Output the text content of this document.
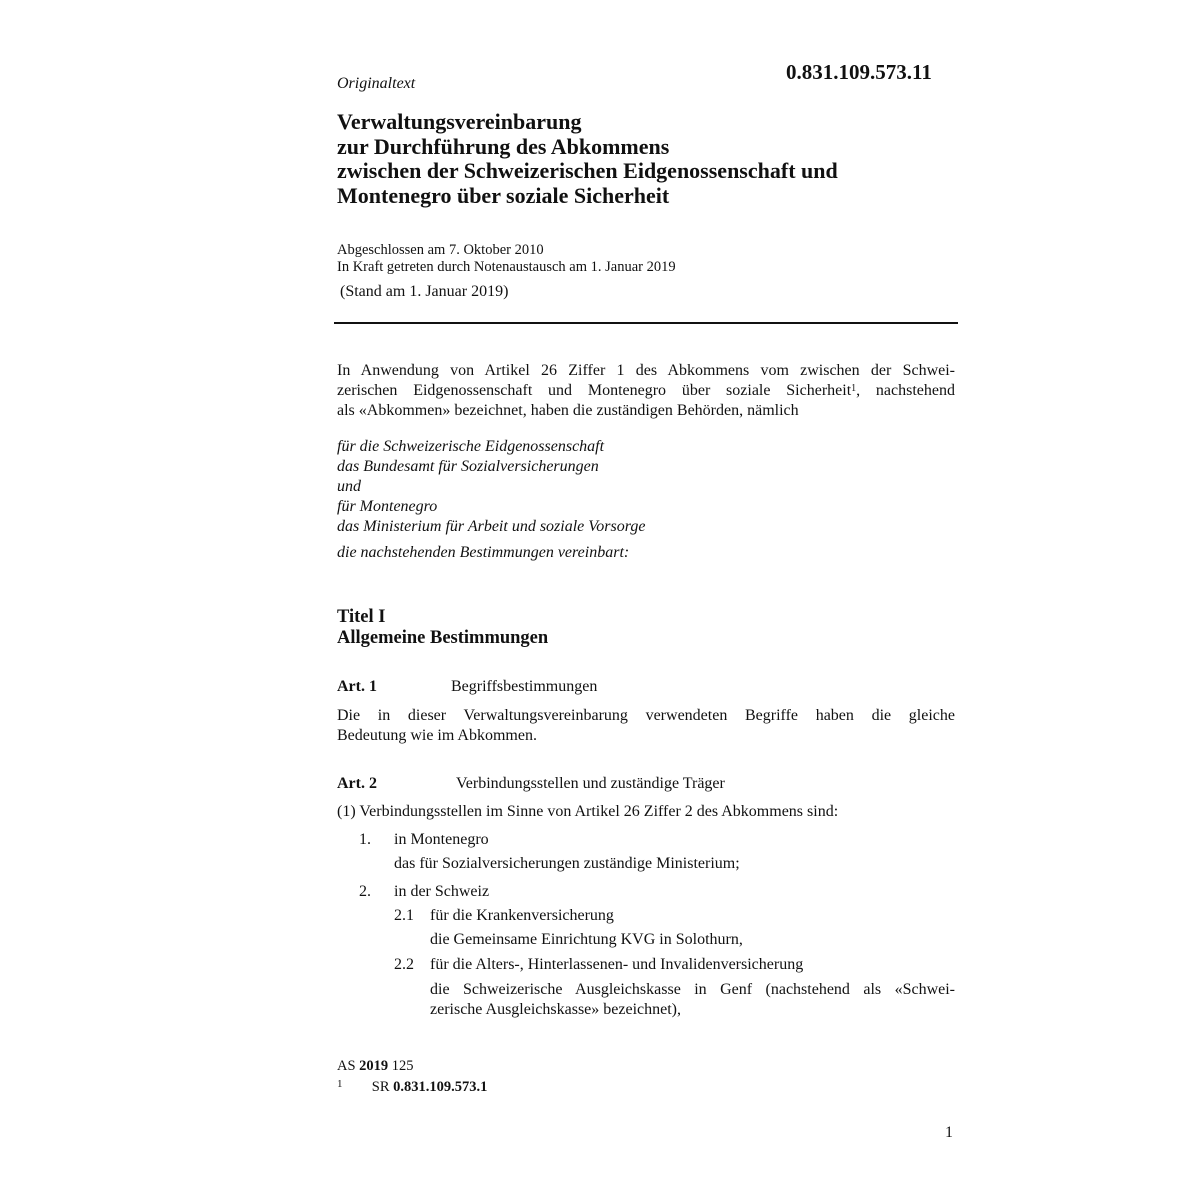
0.831.109.573.11
Originaltext
Verwaltungsvereinbarung
zur Durchführung des Abkommens
zwischen der Schweizerischen Eidgenossenschaft und
Montenegro über soziale Sicherheit
Abgeschlossen am 7. Oktober 2010
In Kraft getreten durch Notenaustausch am 1. Januar 2019
(Stand am 1. Januar 2019)
In Anwendung von Artikel 26 Ziffer 1 des Abkommens vom zwischen der Schwei-
zerischen Eidgenossenschaft und Montenegro über soziale Sicherheit$^1$, nachstehend
als «Abkommen» bezeichnet, haben die zuständigen Behörden, nämlich
für die Schweizerische Eidgenossenschaft
das Bundesamt für Sozialversicherungen
und
für Montenegro
das Ministerium für Arbeit und soziale Vorsorge
die nachstehenden Bestimmungen vereinbart:
Titel I
Allgemeine Bestimmungen
Art. 1	Begriffsbestimmungen
Die in dieser Verwaltungsvereinbarung verwendeten Begriffe haben die gleiche
Bedeutung wie im Abkommen.
Art. 2	Verbindungsstellen und zuständige Träger
(1) Verbindungsstellen im Sinne von Artikel 26 Ziffer 2 des Abkommens sind:
1. in Montenegro
das für Sozialversicherungen zuständige Ministerium;
2. in der Schweiz
2.1 für die Krankenversicherung
die Gemeinsame Einrichtung KVG in Solothurn,
2.2 für die Alters-, Hinterlassenen- und Invalidenversicherung
die Schweizerische Ausgleichskasse in Genf (nachstehend als «Schwei-
zerische Ausgleichskasse» bezeichnet),
AS 2019 125
$^1$ SR 0.831.109.573.1
1
